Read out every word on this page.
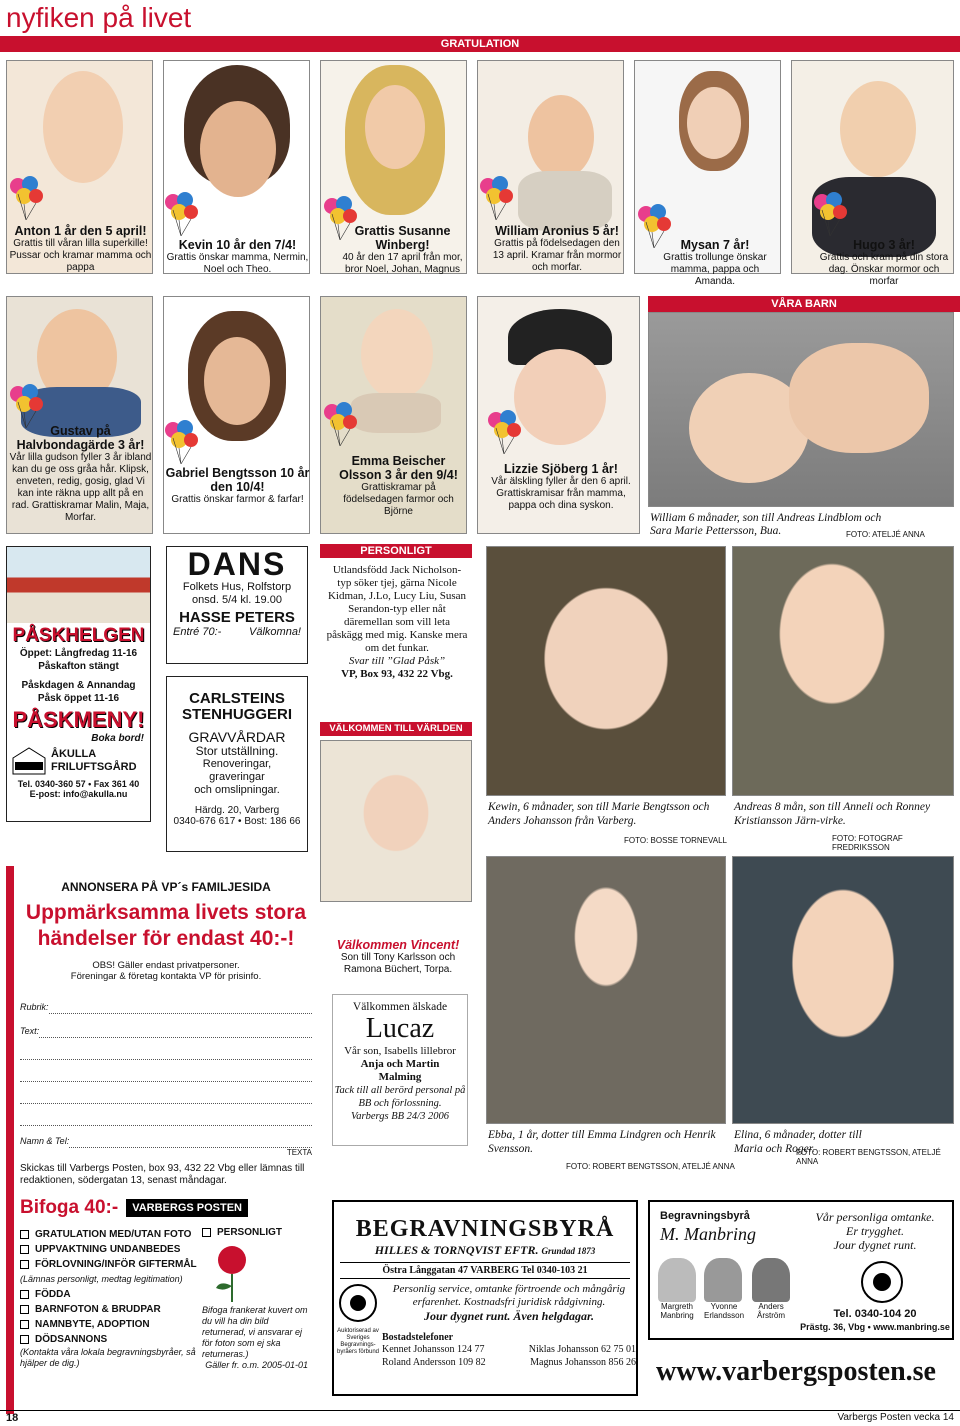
nyfiken på livet
GRATULATION
Anton 1 år den 5 april!
Grattis till våran lilla superkille! Pussar och kramar mamma och pappa
Kevin 10 år den 7/4!
Grattis önskar mamma, Nermin, Noel och Theo.
Grattis Susanne Winberg!
40 år den 17 april från mor, bror Noel, Johan, Magnus
William Aronius 5 år!
Grattis på födelsedagen den 13 april. Kramar från mormor och morfar.
Mysan 7 år!
Grattis trollunge önskar mamma, pappa och Amanda.
Hugo 3 år!
Grattis och kram på din stora dag. Önskar mormor och morfar
VÅRA BARN
Gustav på Halvbondagärde 3 år!
Vår lilla gudson fyller 3 år ibland kan du ge oss gråa hår. Klipsk, enveten, redig, gosig, glad Vi kan inte räkna upp allt på en rad. Grattiskramar Malin, Maja, Morfar.
Gabriel Bengtsson 10 år den 10/4!
Grattis önskar farmor & farfar!
Emma Beischer Olsson 3 år den 9/4!
Grattiskramar på födelsedagen farmor och Björne
Lizzie Sjöberg 1 år!
Vår älskling fyller år den 6 april. Grattiskramisar från mamma, pappa och dina syskon.
William 6 månader, son till Andreas Lindblom och Sara Marie Pettersson, Bua.	FOTO: ATELJÉ ANNA
PÅSKHELGEN
Öppet: Långfredag 11-16
Påskafton stängt
Påskdagen & Annandag
Påsk öppet 11-16
PÅSKMENY!
Boka bord!
ÅKULLA
FRILUFTSGÅRD
Tel. 0340-360 57 • Fax 361 40
E-post: info@akulla.nu
DANS
Folkets Hus, Rolfstorp
onsd. 5/4 kl. 19.00
HASSE PETERS
Entré 70:-	Välkomna!
CARLSTEINS
STENHUGGERI
GRAVVÅRDAR
Stor utställning.
Renoveringar,
graveringar
och omslipningar.
Härdg. 20, Varberg
0340-676 617 • Bost: 186 66
PERSONLIGT
Utlandsfödd Jack Nicholson-typ söker tjej, gärna Nicole Kidman, J.Lo, Lucy Liu, Susan Serandon-typ eller nåt däremellan som vill leta påskägg med mig. Kanske mera om det funkar.
Svar till ”Glad Påsk”
VP, Box 93, 432 22 Vbg.
VÄLKOMMEN TILL VÄRLDEN
Välkommen Vincent!
Son till Tony Karlsson och Ramona Büchert, Torpa.
Kewin, 6 månader, son till Marie Bengtsson och Anders Johansson från Varberg.
FOTO: BOSSE TORNEVALL
Andreas 8 mån, son till Anneli och Ronney Kristiansson Järn-virke.
FOTO: FOTOGRAF FREDRIKSSON
ANNONSERA PÅ VP´s FAMILJESIDA
Uppmärksamma livets stora
händelser för endast 40:-!
OBS! Gäller endast privatpersoner.
Föreningar & företag kontakta VP för prisinfo.
Rubrik:
Text:
Namn & Tel:
TEXTA
Skickas till Varbergs Posten, box 93, 432 22 Vbg eller lämnas till redaktionen, södergatan 13, senast måndagar.
Bifoga 40:-	VARBERGS POSTEN
GRATULATION MED/UTAN FOTO
UPPVAKTNING UNDANBEDES
FÖRLOVNING/INFÖR GIFTERMÅL
(Lämnas personligt, medtag legitimation)
FÖDDA
BARNFOTON & BRUDPAR
NAMNBYTE, ADOPTION
DÖDSANNONS
(Kontakta våra lokala begravningsbyråer, så hjälper de dig.)
PERSONLIGT
Bifoga frankerat kuvert om du vill ha din bild returnerad, vi ansvarar ej för foton som ej ska returneras.)
Gäller fr. o.m. 2005-01-01
Välkommen älskade
Lucaz
Vår son, Isabells lillebror
Anja och Martin
Malming
Tack till all berörd personal på BB och förlossning.
Varbergs BB 24/3 2006
Ebba, 1 år, dotter till Emma Lindgren och Henrik Svensson.
FOTO: ROBERT BENGTSSON, ATELJÉ ANNA
Elina, 6 månader, dotter till Maria och Roger.
FOTO: ROBERT BENGTSSON, ATELJÉ ANNA
BEGRAVNINGSBYRÅ
HILLES & TORNQVIST EFTR. Grundad 1873
Östra Långgatan 47 VARBERG Tel 0340-103 21
Auktoriserad av Sveriges Begravnings-byråers förbund
Personlig service, omtanke förtroende och mångårig erfarenhet. Kostnadsfri juridisk rådgivning.
Jour dygnet runt. Även helgdagar.
Bostadstelefoner
Kennet Johansson 124 77	Niklas Johansson 62 75 01
Roland Andersson 109 82	Magnus Johansson 856 26
Begravningsbyrå
M. Manbring
Vår personliga omtanke.
Er trygghet.
Jour dygnet runt.
Margreth
Manbring
Yvonne
Erlandsson
Anders
Årström	Tel. 0340-104 20
Prästg. 36, Vbg • www.manbring.se
www.varbergsposten.se
18	Varbergs Posten vecka 14
